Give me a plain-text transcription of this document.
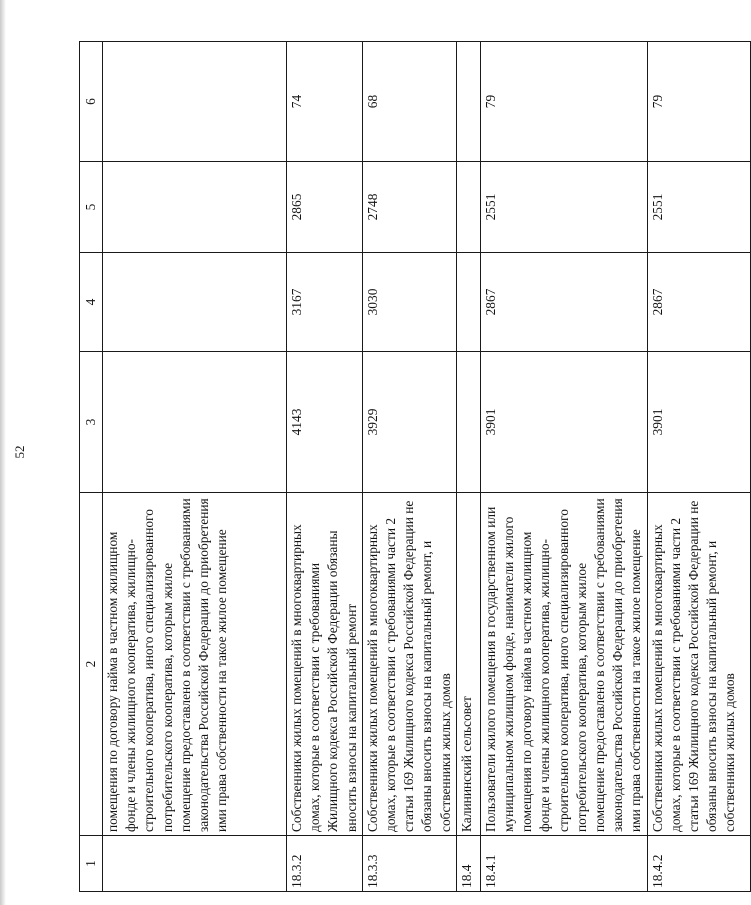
52
1	2	3	4	5	6
	помещения по договору найма в частном жилищном фонде и члены жилищного кооператива, жилищно-строительного кооператива, иного специализированного потребительского кооператива, которым жилое помещение предоставлено в соответствии с требованиями законодательства Российской Федерации до приобретения ими права собственности на такое жилое помещение				
18.3.2	Собственники жилых помещений в многоквартирных домах, которые в соответствии с требованиями Жилищного кодекса Российской Федерации обязаны вносить взносы на капитальный ремонт	4143	3167	2865	74
18.3.3	Собственники жилых помещений в многоквартирных домах, которые в соответствии с требованиями части 2 статьи 169 Жилищного кодекса Российской Федерации не обязаны вносить взносы на капитальный ремонт, и собственники жилых домов	3929	3030	2748	68
18.4	Калининский сельсовет				
18.4.1	Пользователи жилого помещения в государственном или муниципальном жилищном фонде, наниматели жилого помещения по договору найма в частном жилищном фонде и члены жилищного кооператива, жилищно-строительного кооператива, иного специализированного потребительского кооператива, которым жилое помещение предоставлено в соответствии с требованиями законодательства Российской Федерации до приобретения ими права собственности на такое жилое помещение	3901	2867	2551	79
18.4.2	Собственники жилых помещений в многоквартирных домах, которые в соответствии с требованиями части 2 статьи 169 Жилищного кодекса Российской Федерации не обязаны вносить взносы на капитальный ремонт, и собственники жилых домов	3901	2867	2551	79
